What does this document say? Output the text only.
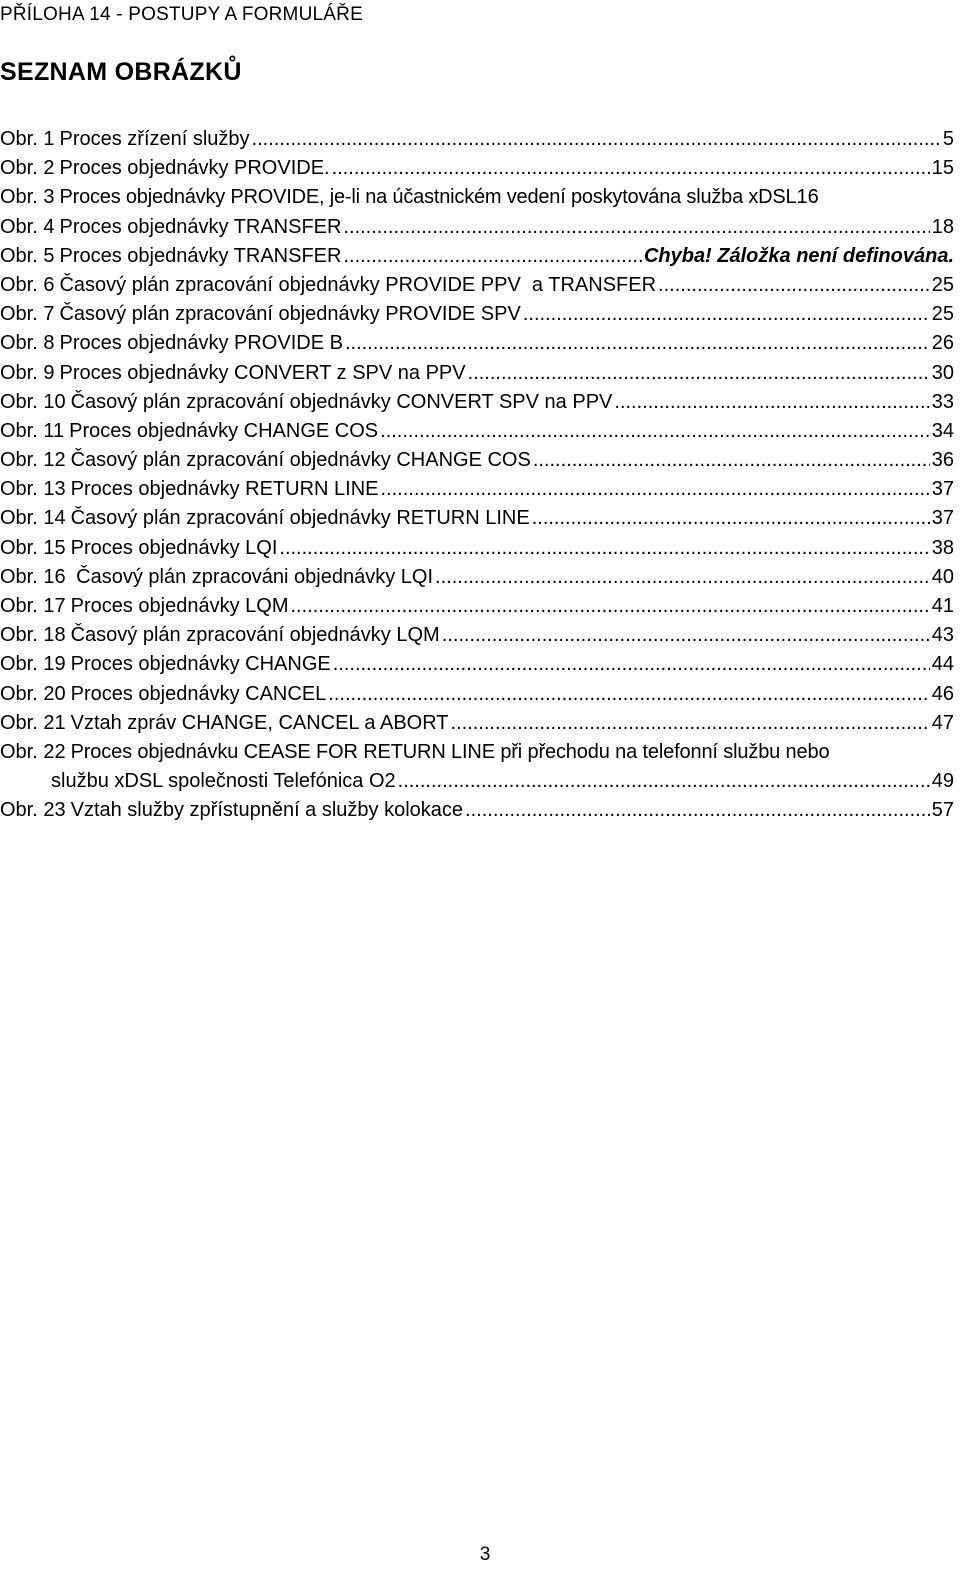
PŘÍLOHA 14 - POSTUPY A FORMULÁŘE
SEZNAM OBRÁZKŮ
Obr. 1 Proces zřízení služby .....	5
Obr. 2 Proces objednávky PROVIDE. .....	15
Obr. 3 Proces objednávky PROVIDE, je-li na účastnickém vedení poskytována služba xDSL 16
Obr. 4 Proces objednávky TRANSFER .....	18
Obr. 5 Proces objednávky TRANSFER .....	Chyba! Záložka není definována.
Obr. 6 Časový plán zpracování objednávky PROVIDE PPV  a TRANSFER .....	25
Obr. 7 Časový plán zpracování objednávky PROVIDE SPV .....	25
Obr. 8 Proces objednávky PROVIDE B .....	26
Obr. 9 Proces objednávky CONVERT z SPV na PPV .....	30
Obr. 10 Časový plán zpracování objednávky CONVERT SPV na PPV .....	33
Obr. 11 Proces objednávky CHANGE COS .....	34
Obr. 12 Časový plán zpracování objednávky CHANGE COS .....	36
Obr. 13 Proces objednávky RETURN LINE .....	37
Obr. 14 Časový plán zpracování objednávky RETURN LINE .....	37
Obr. 15 Proces objednávky LQI .....	38
Obr. 16 Časový plán zpracováni objednávky LQI .....	40
Obr. 17 Proces objednávky LQM .....	41
Obr. 18 Časový plán zpracování objednávky LQM .....	43
Obr. 19 Proces objednávky CHANGE .....	44
Obr. 20 Proces objednávky CANCEL .....	46
Obr. 21 Vztah zpráv CHANGE, CANCEL a ABORT .....	47
Obr. 22 Proces objednávku CEASE FOR RETURN LINE při přechodu na telefonní službu nebo
službu xDSL společnosti Telefónica O2 .....	49
Obr. 23 Vztah služby zpřístupnění a služby kolokace .....	57
3
